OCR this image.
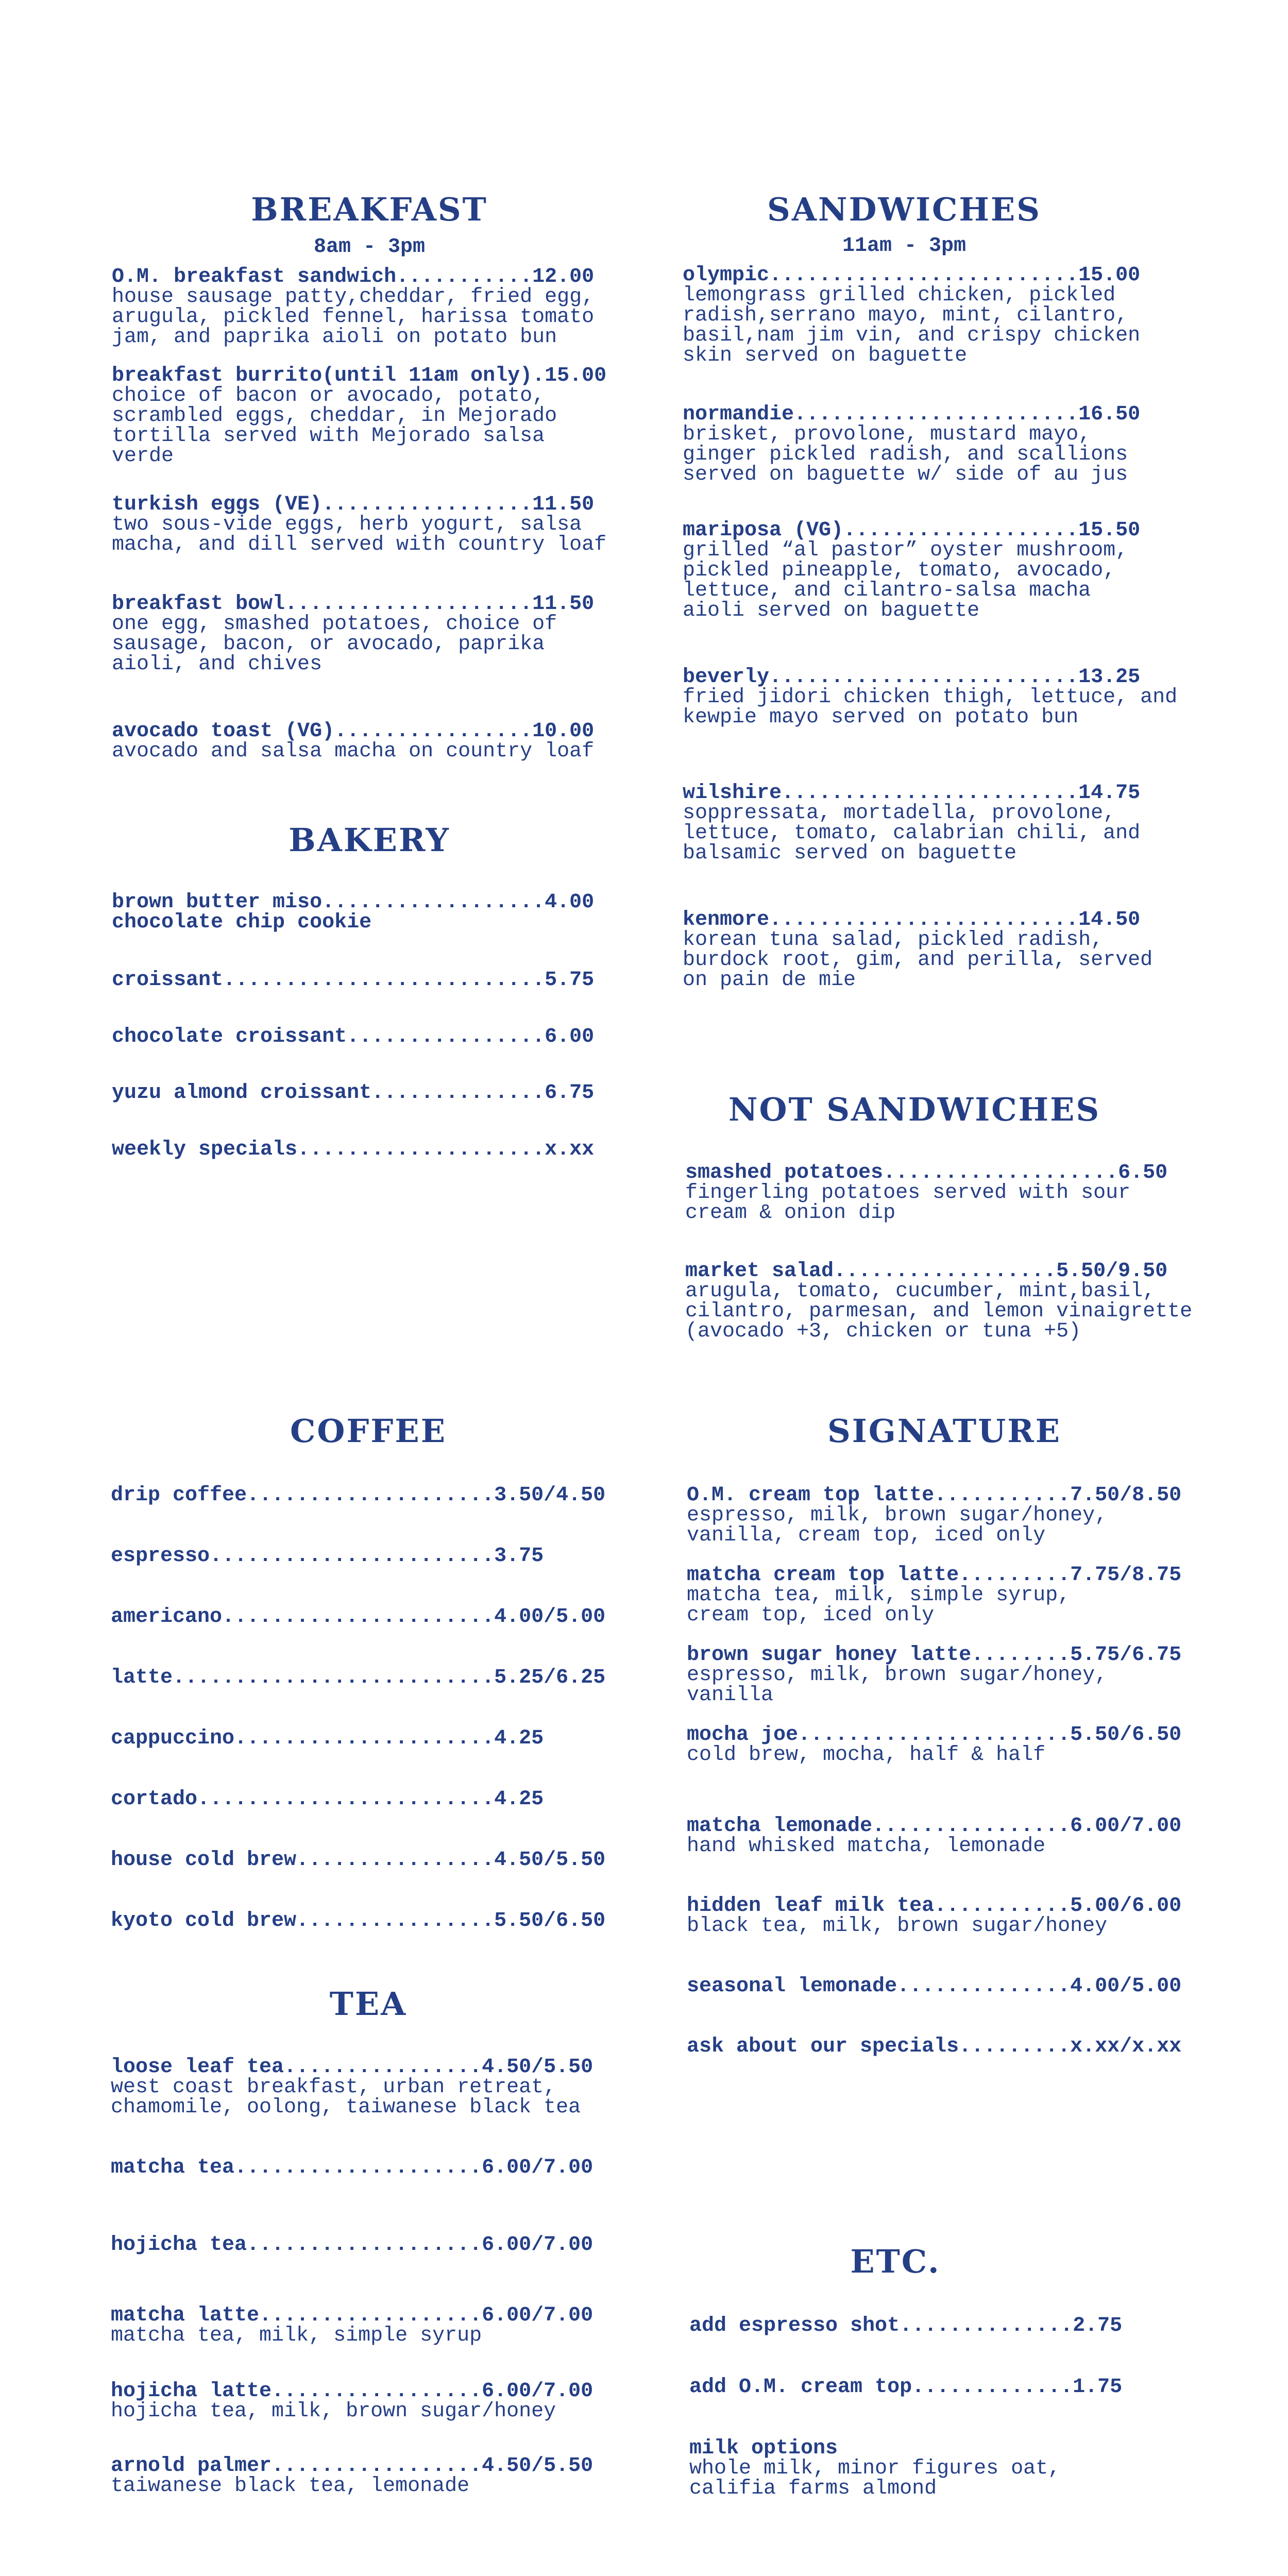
BREAKFAST
8am - 3pm
O.M. breakfast sandwich...........12.00
house sausage patty,cheddar, fried egg,
arugula, pickled fennel, harissa tomato
jam, and paprika aioli on potato bun
breakfast burrito(until 11am only).15.00
choice of bacon or avocado, potato,
scrambled eggs, cheddar, in Mejorado
tortilla served with Mejorado salsa
verde
turkish eggs (VE).................11.50
two sous-vide eggs, herb yogurt, salsa
macha, and dill served with country loaf
breakfast bowl....................11.50
one egg, smashed potatoes, choice of
sausage, bacon, or avocado, paprika
aioli, and chives
avocado toast (VG)................10.00
avocado and salsa macha on country loaf
BAKERY
brown butter miso..................4.00
chocolate chip cookie
croissant..........................5.75
chocolate croissant................6.00
yuzu almond croissant..............6.75
weekly specials....................x.xx
SANDWICHES
11am - 3pm
olympic.........................15.00
lemongrass grilled chicken, pickled
radish,serrano mayo, mint, cilantro,
basil,nam jim vin, and crispy chicken
skin served on baguette
normandie.......................16.50
brisket, provolone, mustard mayo,
ginger pickled radish, and scallions
served on baguette w/ side of au jus
mariposa (VG)...................15.50
grilled “al pastor” oyster mushroom,
pickled pineapple, tomato, avocado,
lettuce, and cilantro-salsa macha
aioli served on baguette
beverly.........................13.25
fried jidori chicken thigh, lettuce, and
kewpie mayo served on potato bun
wilshire........................14.75
soppressata, mortadella, provolone,
lettuce, tomato, calabrian chili, and
balsamic served on baguette
kenmore.........................14.50
korean tuna salad, pickled radish,
burdock root, gim, and perilla, served
on pain de mie
NOT SANDWICHES
smashed potatoes...................6.50
fingerling potatoes served with sour
cream & onion dip
market salad..................5.50/9.50
arugula, tomato, cucumber, mint,basil,
cilantro, parmesan, and lemon vinaigrette
(avocado +3, chicken or tuna +5)
COFFEE
drip coffee....................3.50/4.50
espresso.......................3.75
americano......................4.00/5.00
latte..........................5.25/6.25
cappuccino.....................4.25
cortado........................4.25
house cold brew................4.50/5.50
kyoto cold brew................5.50/6.50
TEA
loose leaf tea................4.50/5.50
west coast breakfast, urban retreat,
chamomile, oolong, taiwanese black tea
matcha tea....................6.00/7.00
hojicha tea...................6.00/7.00
matcha latte..................6.00/7.00
matcha tea, milk, simple syrup
hojicha latte.................6.00/7.00
hojicha tea, milk, brown sugar/honey
arnold palmer.................4.50/5.50
taiwanese black tea, lemonade
SIGNATURE
O.M. cream top latte...........7.50/8.50
espresso, milk, brown sugar/honey,
vanilla, cream top, iced only
matcha cream top latte.........7.75/8.75
matcha tea, milk, simple syrup,
cream top, iced only
brown sugar honey latte........5.75/6.75
espresso, milk, brown sugar/honey,
vanilla
mocha joe......................5.50/6.50
cold brew, mocha, half & half
matcha lemonade................6.00/7.00
hand whisked matcha, lemonade
hidden leaf milk tea...........5.00/6.00
black tea, milk, brown sugar/honey
seasonal lemonade..............4.00/5.00
ask about our specials.........x.xx/x.xx
ETC.
add espresso shot..............2.75
add O.M. cream top.............1.75
milk options
whole milk, minor figures oat,
califia farms almond
